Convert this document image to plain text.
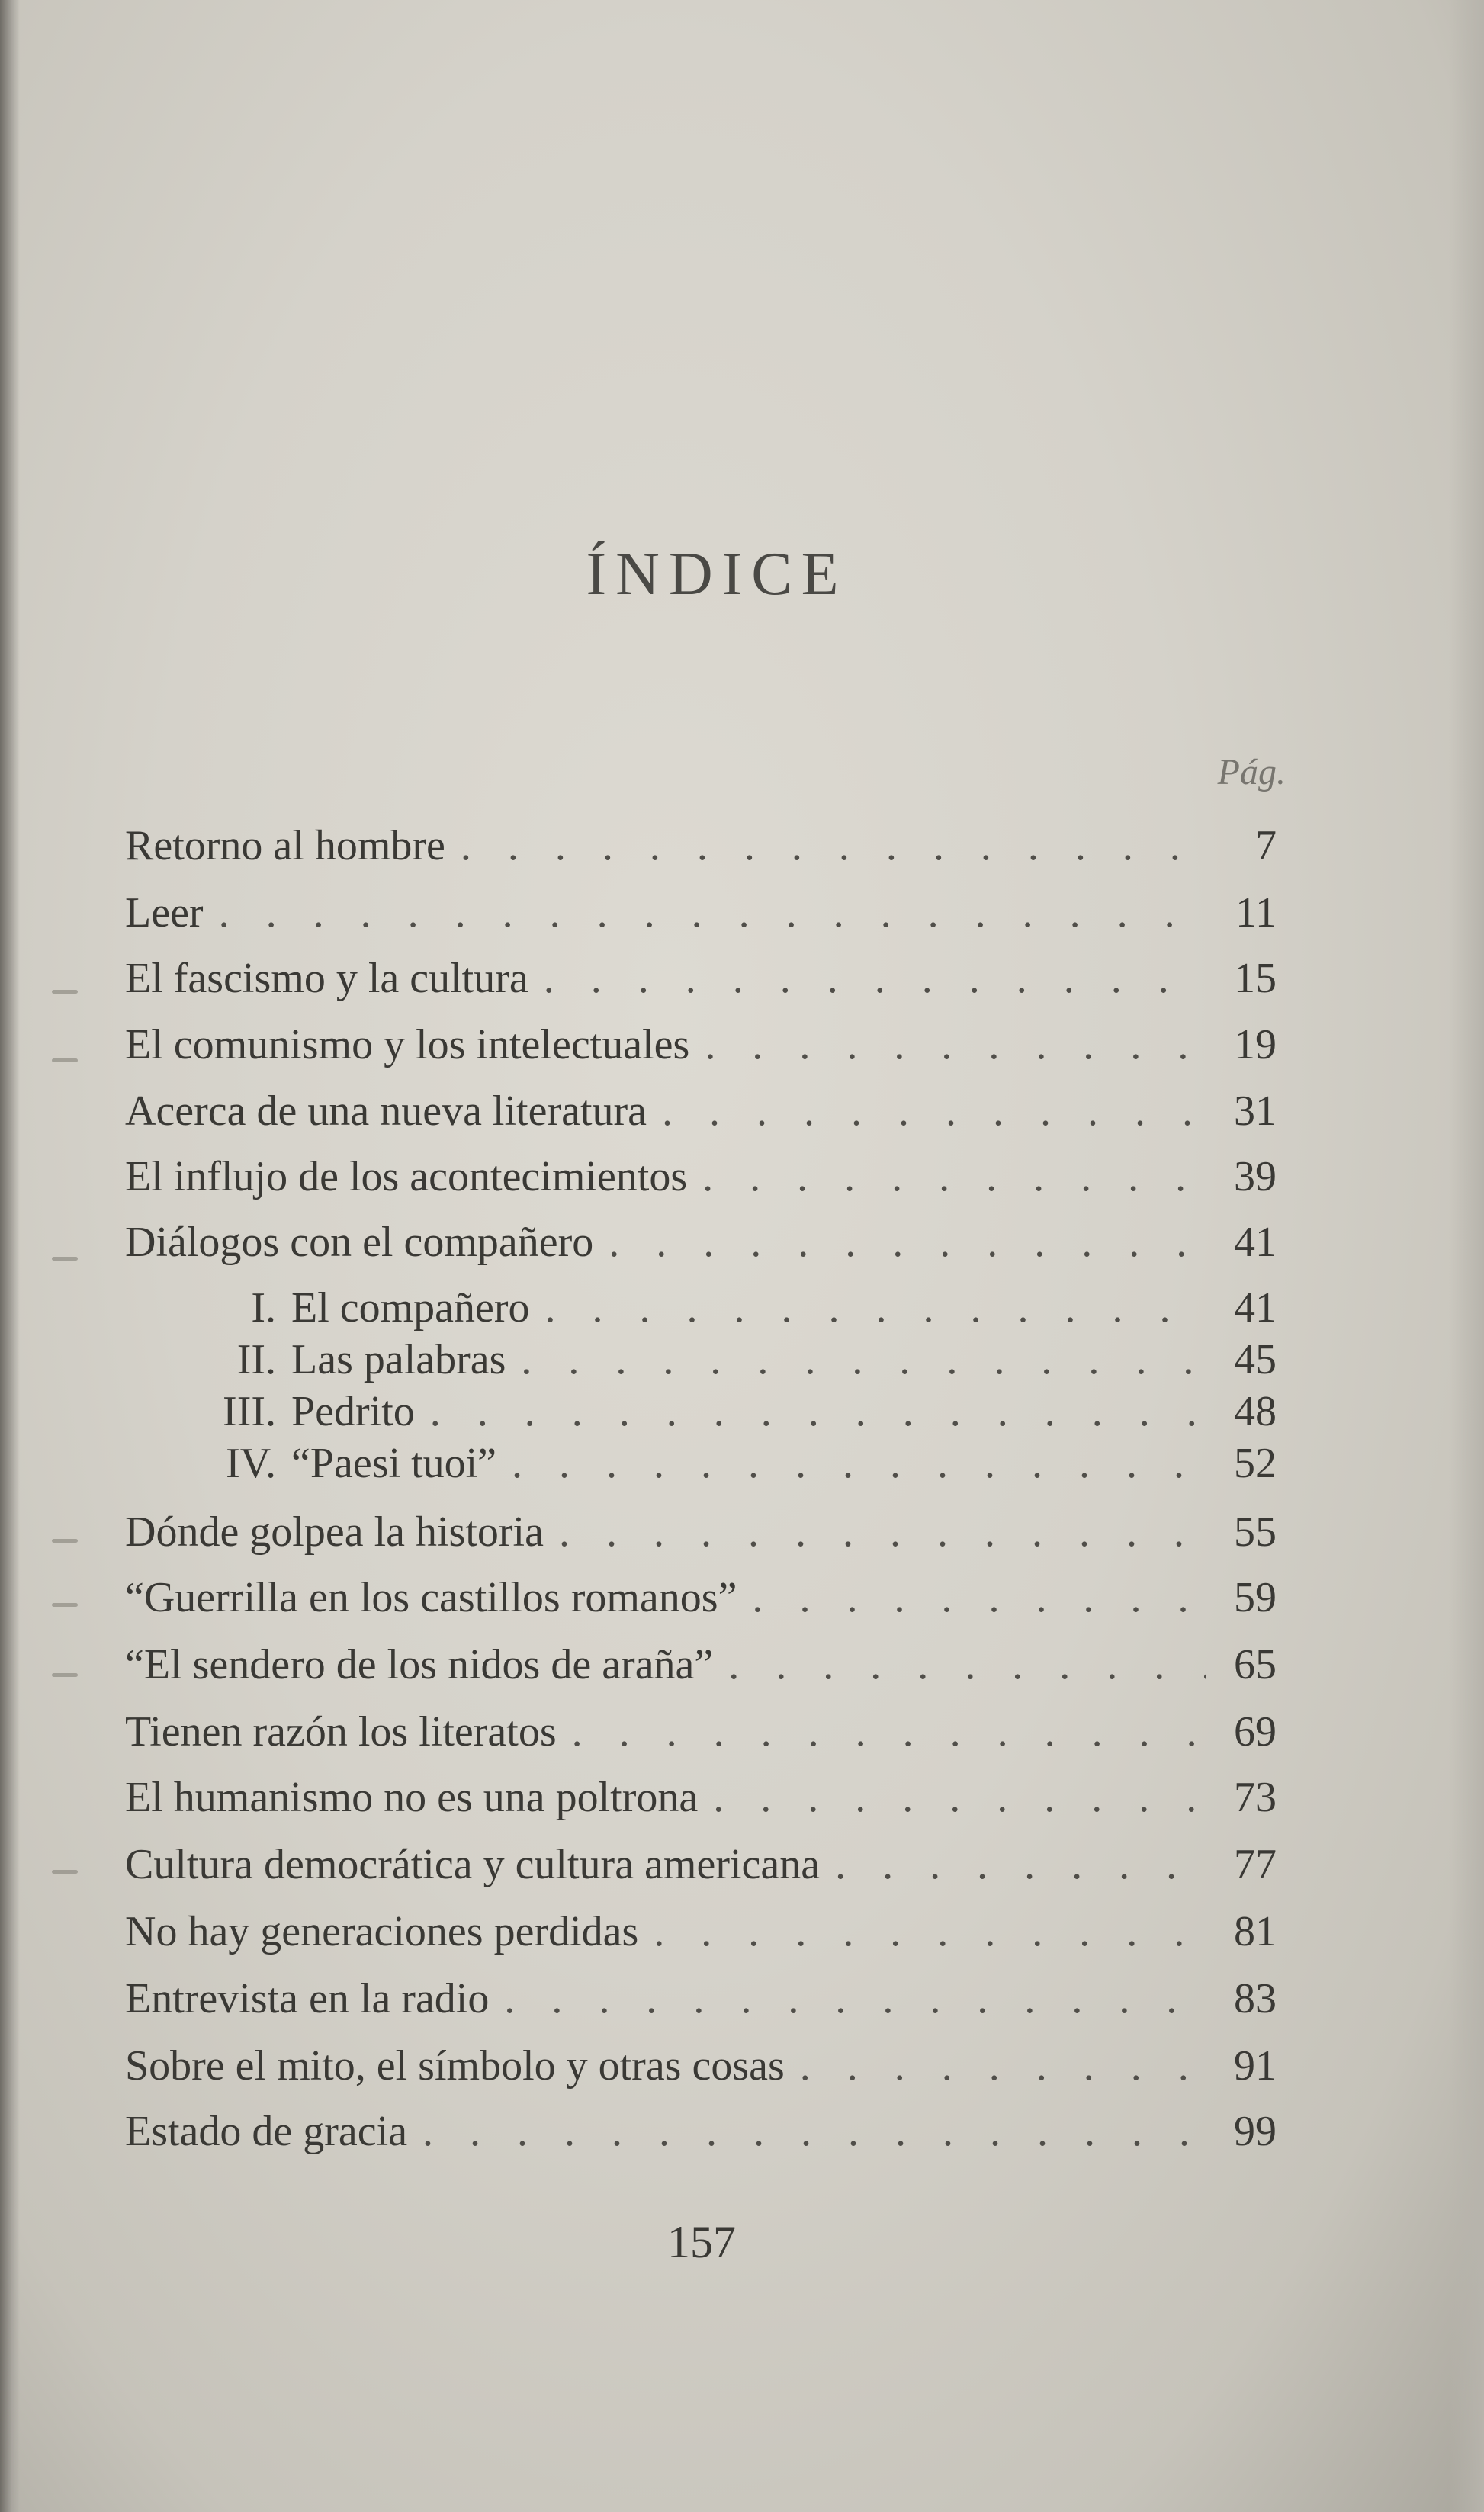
ÍNDICE
Pág.
Retorno al hombre . . .	7
Leer . . .	11
El fascismo y la cultura . . .	15
El comunismo y los intelectuales . . .	19
Acerca de una nueva literatura . . .	31
El influjo de los acontecimientos . . .	39
Diálogos con el compañero . . .	41
I. El compañero . . .	41
II. Las palabras . . .	45
III. Pedrito . . .	48
IV. “Paesi tuoi” . . .	52
Dónde golpea la historia . . .	55
“Guerrilla en los castillos romanos” . . .	59
“El sendero de los nidos de araña” . . .	65
Tienen razón los literatos . . .	69
El humanismo no es una poltrona . . .	73
Cultura democrática y cultura americana . . .	77
No hay generaciones perdidas . . .	81
Entrevista en la radio . . .	83
Sobre el mito, el símbolo y otras cosas . . .	91
Estado de gracia . . .	99
157
